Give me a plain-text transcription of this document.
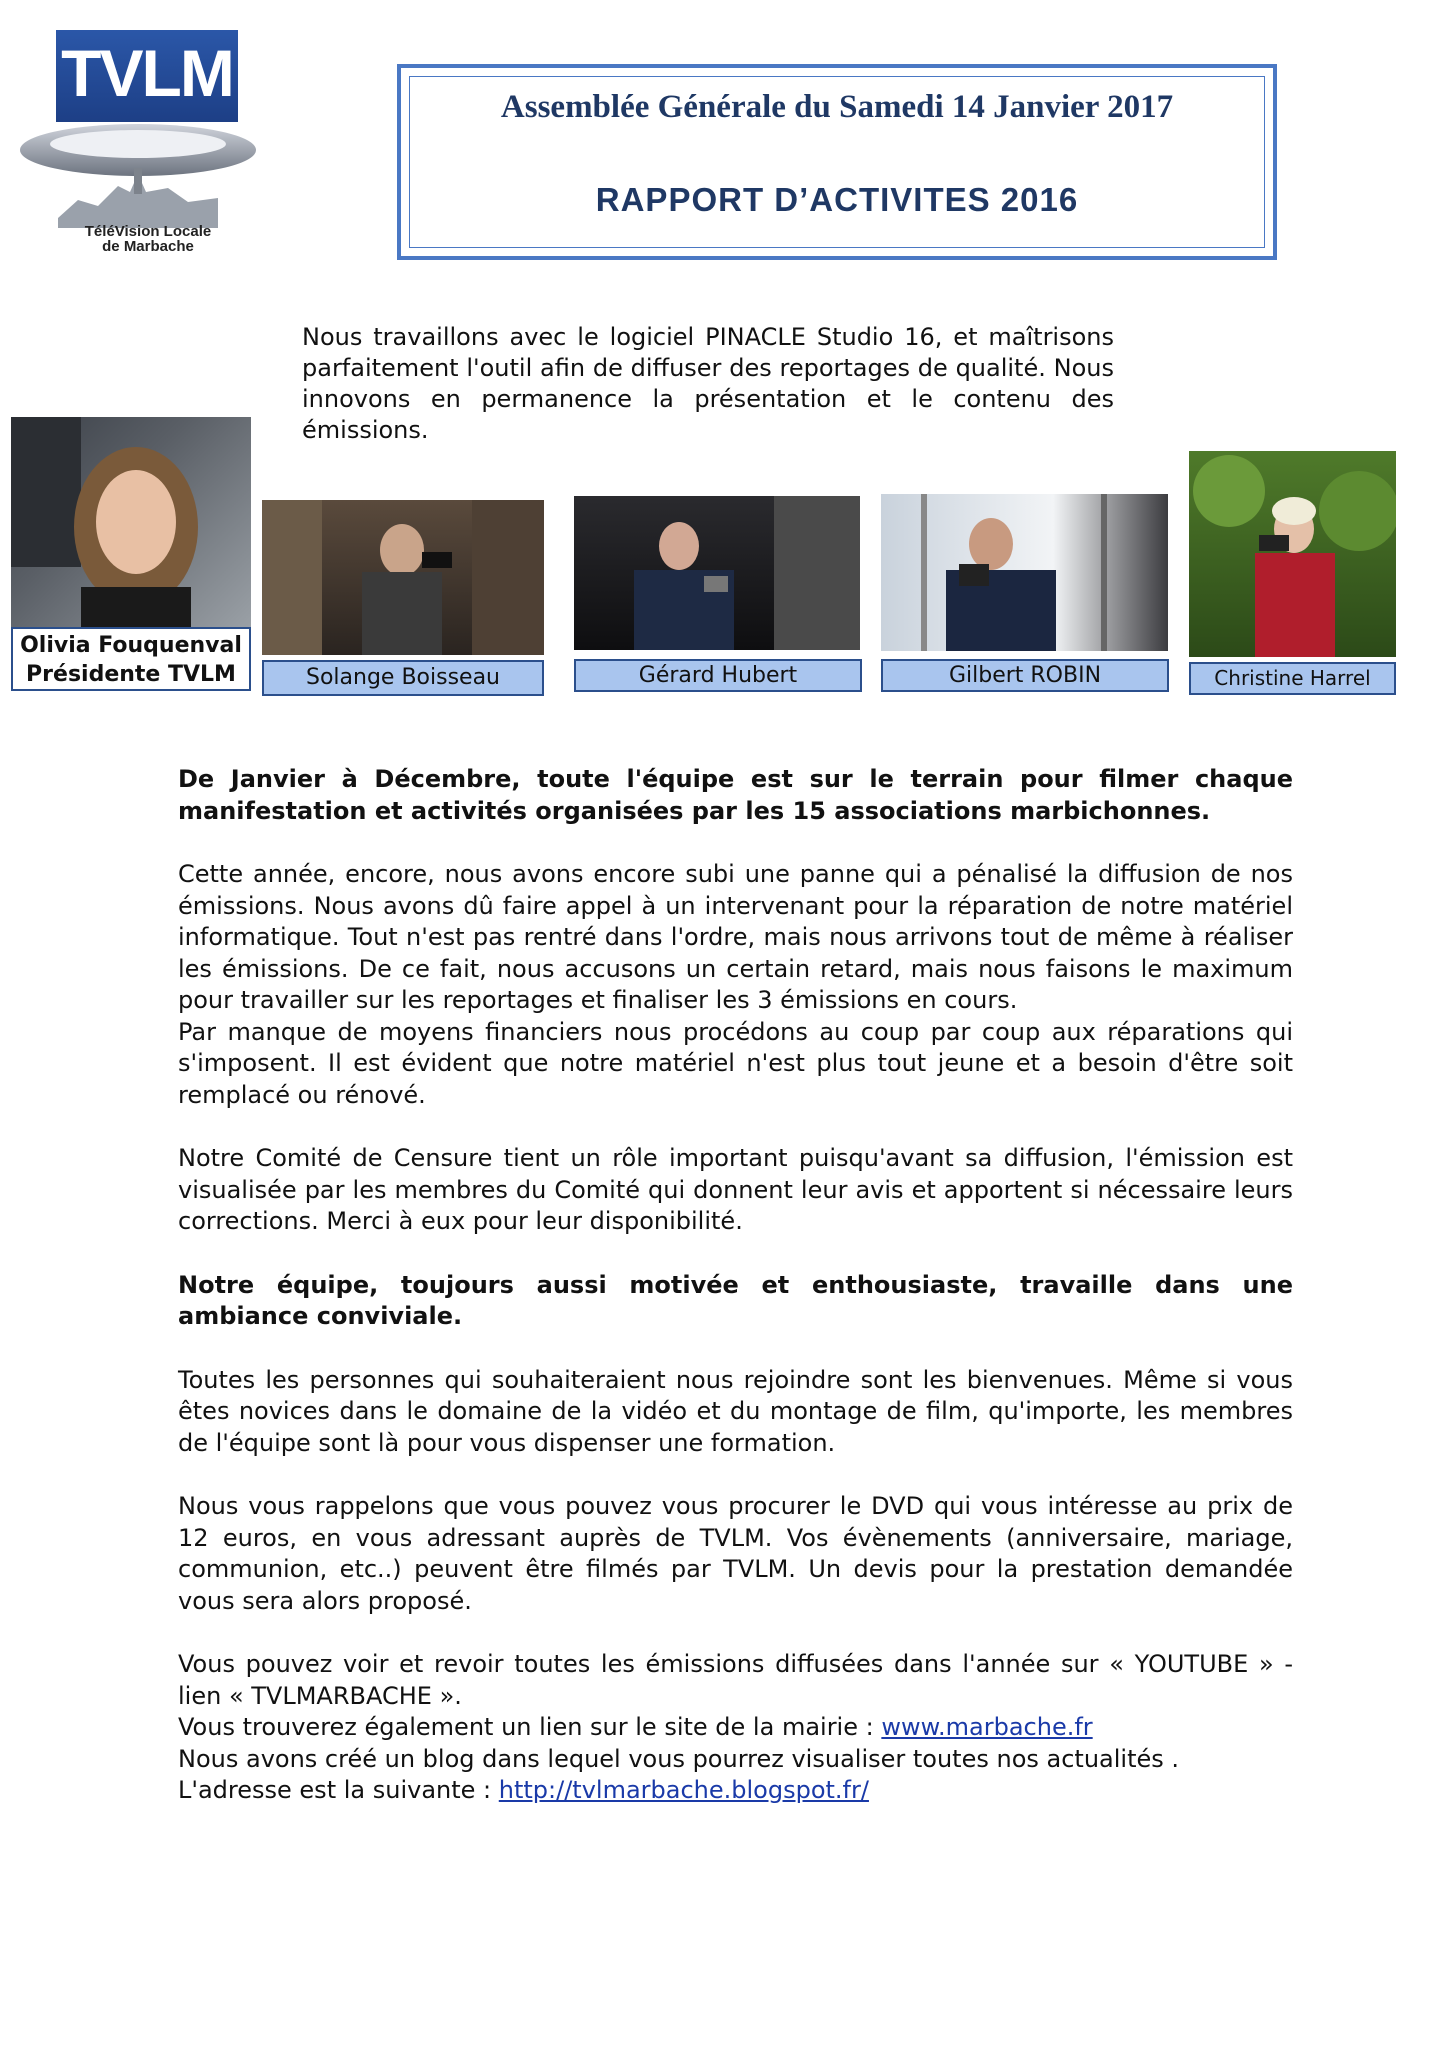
TVLM
TéléVision Locale
de Marbache
Assemblée Générale du Samedi 14 Janvier 2017
RAPPORT D’ACTIVITES 2016
Nous travaillons avec le logiciel PINACLE Studio 16, et maîtrisons parfaitement l'outil afin de diffuser des reportages de qualité. Nous innovons en permanence la présentation et le contenu des émissions.
Olivia Fouquenval
Présidente TVLM	Solange Boisseau	Gérard Hubert	Gilbert ROBIN	Christine Harrel

De Janvier à Décembre, toute l'équipe est sur le terrain pour filmer chaque manifestation et activités organisées par les 15 associations marbichonnes.

Cette année, encore, nous avons encore subi une panne qui a pénalisé la diffusion de nos émissions. Nous avons dû faire appel à un intervenant pour la réparation de notre matériel informatique. Tout n'est pas rentré dans l'ordre, mais nous arrivons tout de même à réaliser les émissions. De ce fait, nous accusons un certain retard, mais nous faisons le maximum pour travailler sur les reportages et finaliser les 3 émissions en cours.

Par manque de moyens financiers nous procédons au coup par coup aux réparations qui s'imposent. Il est évident que notre matériel n'est plus tout jeune et a besoin d'être soit remplacé ou rénové.

Notre Comité de Censure tient un rôle important puisqu'avant sa diffusion, l'émission est visualisée par les membres du Comité qui donnent leur avis et apportent si nécessaire leurs corrections. Merci à eux pour leur disponibilité.

Notre équipe, toujours aussi motivée et enthousiaste, travaille dans une ambiance conviviale.

Toutes les personnes qui souhaiteraient nous rejoindre sont les bienvenues. Même si vous êtes novices dans le domaine de la vidéo et du montage de film, qu'importe, les membres de l'équipe sont là pour vous dispenser une formation.

Nous vous rappelons que vous pouvez vous procurer le DVD qui vous intéresse au prix de 12 euros, en vous adressant auprès de TVLM. Vos évènements (anniversaire, mariage, communion, etc..) peuvent être filmés par TVLM. Un devis pour la prestation demandée vous sera alors proposé.

Vous pouvez voir et revoir toutes les émissions diffusées dans l'année sur « YOUTUBE » - lien « TVLMARBACHE ».

Vous trouverez également un lien sur le site de la mairie : www.marbache.fr

Nous avons créé un blog dans lequel vous pourrez visualiser toutes nos actualités .

L'adresse est la suivante : http://tvlmarbache.blogspot.fr/
